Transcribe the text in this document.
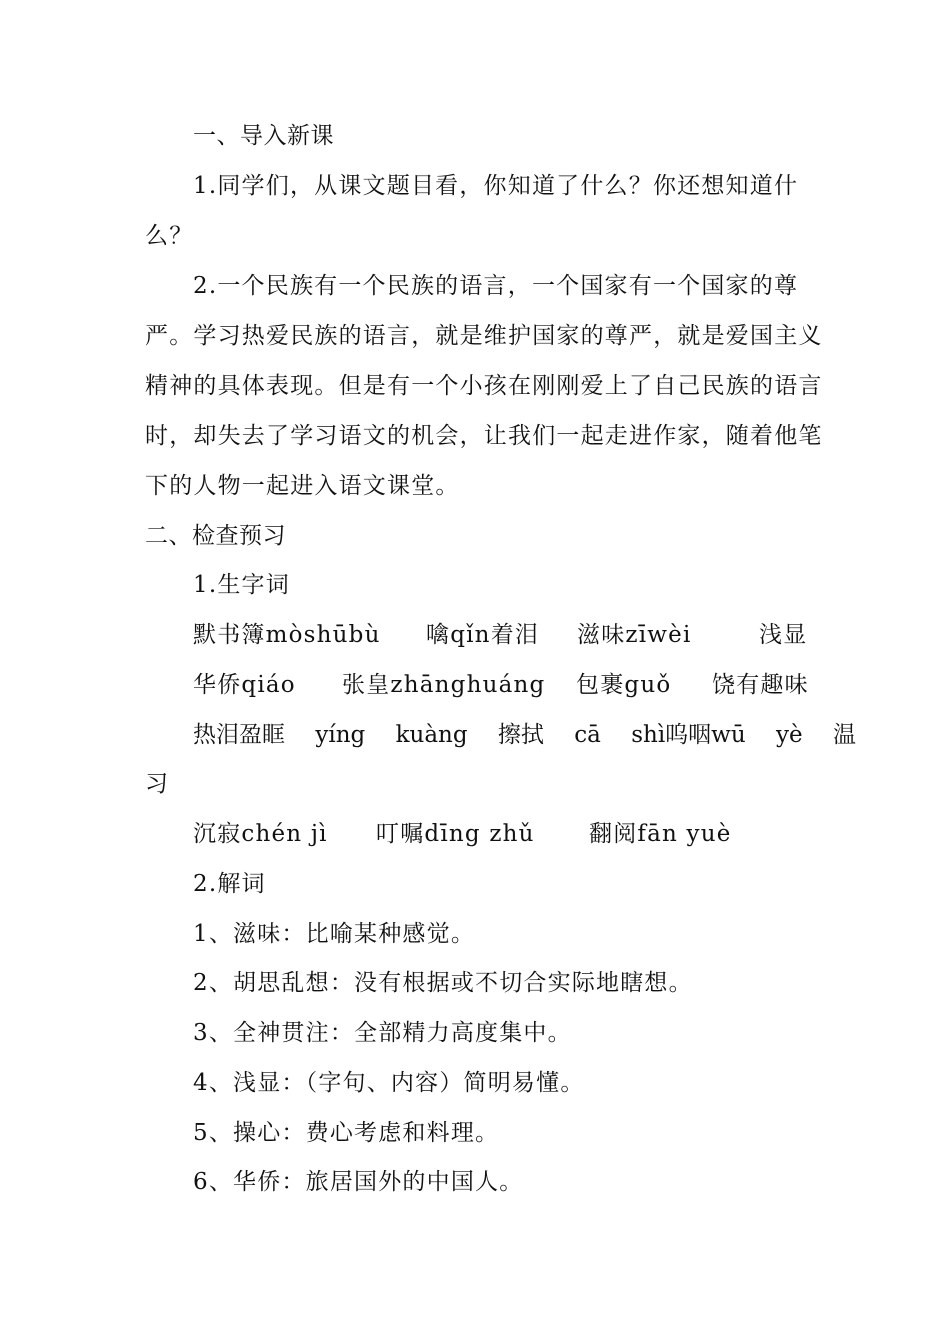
一、导入新课
1.同学们，从课文题目看，你知道了什么？你还想知道什
么？
2.一个民族有一个民族的语言，一个国家有一个国家的尊
严。学习热爱民族的语言，就是维护国家的尊严，就是爱国主义
精神的具体表现。但是有一个小孩在刚刚爱上了自己民族的语言
时，却失去了学习语文的机会，让我们一起走进作家，随着他笔
下的人物一起进入语文课堂。
二、检查预习
1.生字词
默书簿mòshūbù 噙qǐn着泪 滋味zīwèi	浅显
华侨qiáo 张皇zhānghuáng 包裹guǒ 饶有趣味
热泪盈眶 yíng kuàng 擦拭 cā shì呜咽wū yè 温
习
沉寂chén jì 叮嘱dīng zhǔ 翻阅fān yuè
2.解词
1、滋味：比喻某种感觉。
2、胡思乱想：没有根据或不切合实际地瞎想。
3、全神贯注：全部精力高度集中。
4、浅显：（字句、内容）简明易懂。
5、操心：费心考虑和料理。
6、华侨：旅居国外的中国人。
